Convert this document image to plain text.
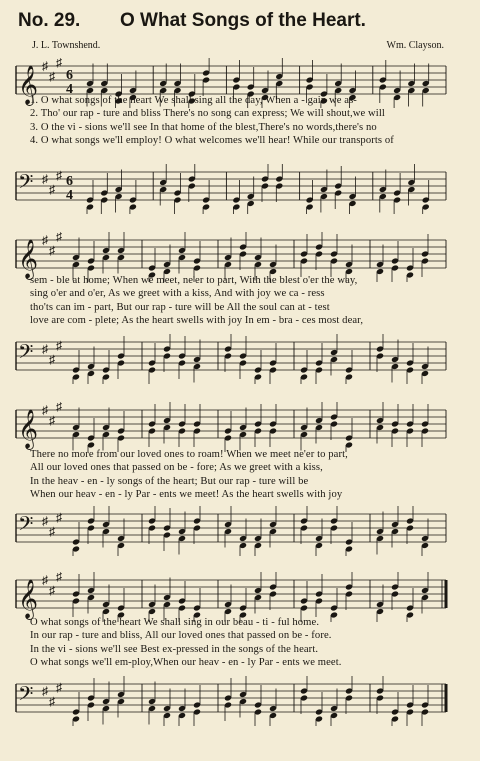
No. 29. O What Songs of the Heart.
J. L. Townshend.	Wm. Clayson.
𝄞 ♯
♯
♯
6
4
1. O what songs of the heart We shall sing all the day, When a - gain we as-
2. Tho' our rap - ture and bliss There's no song can express; We will shout,we will
3. O the vi - sions we'll see In that home of the blest,There's no words,there's no
4. O what songs we'll employ! O what welcomes we'll hear! While our transports of
𝄢 ♯
♯
♯ 6
4
𝄞 ♯
♯
♯
sem - ble at home; When we meet, ne'er to part, With the blest o'er the way,
sing o'er and o'er, As we greet with a kiss, And with joy we ca - ress
tho'ts can im - part, But our rap - ture will be All the soul can at - test
love are com - plete; As the heart swells with joy In em - bra - ces most dear,
𝄢 ♯
♯
♯
𝄞 ♯
♯
♯
There no more from our loved ones to roam! When we meet ne'er to part,
All our loved ones that passed on be - fore; As we greet with a kiss,
In the heav - en - ly songs of the heart; But our rap - ture will be
When our heav - en - ly Par - ents we meet! As the heart swells with joy
𝄢 ♯
♯
♯
𝄞 ♯
♯
♯
O what songs of the heart We shall sing in our beau - ti - ful home.
In our rap - ture and bliss, All our loved ones that passed on be - fore.
In the vi - sions we'll see Best ex-pressed in the songs of the heart.
O what songs we'll em-ploy,When our heav - en - ly Par - ents we meet.
𝄢 ♯
♯
♯
